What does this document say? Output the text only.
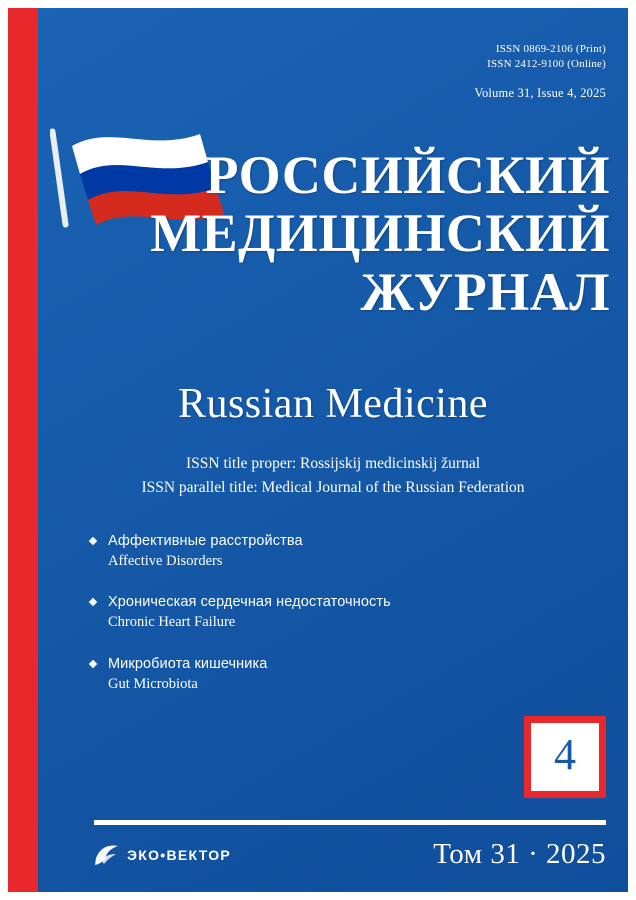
ISSN 0869-2106 (Print)
ISSN 2412-9100 (Online)
Volume 31, Issue 4, 2025
РОССИЙСКИЙ
МЕДИЦИНСКИЙ
ЖУРНАЛ
Russian Medicine
ISSN title proper: Rossijskij medicinskij žurnal
ISSN parallel title: Medical Journal of the Russian Federation
Аффективные расстройства
Affective Disorders
Хроническая сердечная недостаточность
Chronic Heart Failure
Микробиота кишечника
Gut Microbiota
4
Том 31 · 2025
ЭКО•ВЕКТОР
